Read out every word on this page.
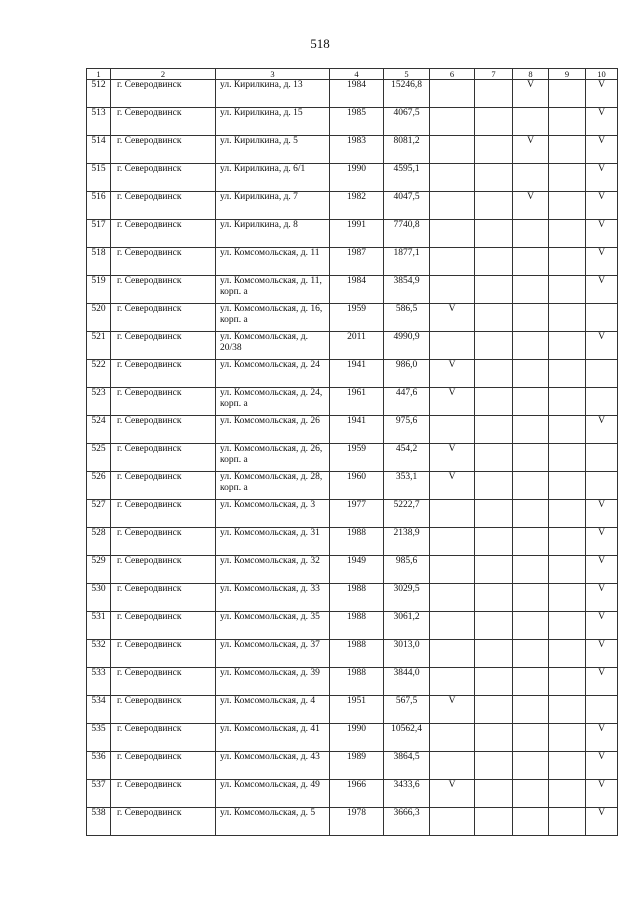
518
1	2	3	4	5	6	7	8	9	10
512	г. Северодвинск	ул. Кирилкина, д. 13	1984	15246,8			V		V
513	г. Северодвинск	ул. Кирилкина, д. 15	1985	4067,5					V
514	г. Северодвинск	ул. Кирилкина, д. 5	1983	8081,2			V		V
515	г. Северодвинск	ул. Кирилкина, д. 6/1	1990	4595,1					V
516	г. Северодвинск	ул. Кирилкина, д. 7	1982	4047,5			V		V
517	г. Северодвинск	ул. Кирилкина, д. 8	1991	7740,8					V
518	г. Северодвинск	ул. Комсомольская, д. 11	1987	1877,1					V
519	г. Северодвинск	ул. Комсомольская, д. 11, корп. а	1984	3854,9					V
520	г. Северодвинск	ул. Комсомольская, д. 16, корп. а	1959	586,5	V				
521	г. Северодвинск	ул. Комсомольская, д. 20/38	2011	4990,9					V
522	г. Северодвинск	ул. Комсомольская, д. 24	1941	986,0	V				
523	г. Северодвинск	ул. Комсомольская, д. 24, корп. а	1961	447,6	V				
524	г. Северодвинск	ул. Комсомольская, д. 26	1941	975,6					V
525	г. Северодвинск	ул. Комсомольская, д. 26, корп. а	1959	454,2	V				
526	г. Северодвинск	ул. Комсомольская, д. 28, корп. а	1960	353,1	V				
527	г. Северодвинск	ул. Комсомольская, д. 3	1977	5222,7					V
528	г. Северодвинск	ул. Комсомольская, д. 31	1988	2138,9					V
529	г. Северодвинск	ул. Комсомольская, д. 32	1949	985,6					V
530	г. Северодвинск	ул. Комсомольская, д. 33	1988	3029,5					V
531	г. Северодвинск	ул. Комсомольская, д. 35	1988	3061,2					V
532	г. Северодвинск	ул. Комсомольская, д. 37	1988	3013,0					V
533	г. Северодвинск	ул. Комсомольская, д. 39	1988	3844,0					V
534	г. Северодвинск	ул. Комсомольская, д. 4	1951	567,5	V				
535	г. Северодвинск	ул. Комсомольская, д. 41	1990	10562,4					V
536	г. Северодвинск	ул. Комсомольская, д. 43	1989	3864,5					V
537	г. Северодвинск	ул. Комсомольская, д. 49	1966	3433,6	V				V
538	г. Северодвинск	ул. Комсомольская, д. 5	1978	3666,3					V
